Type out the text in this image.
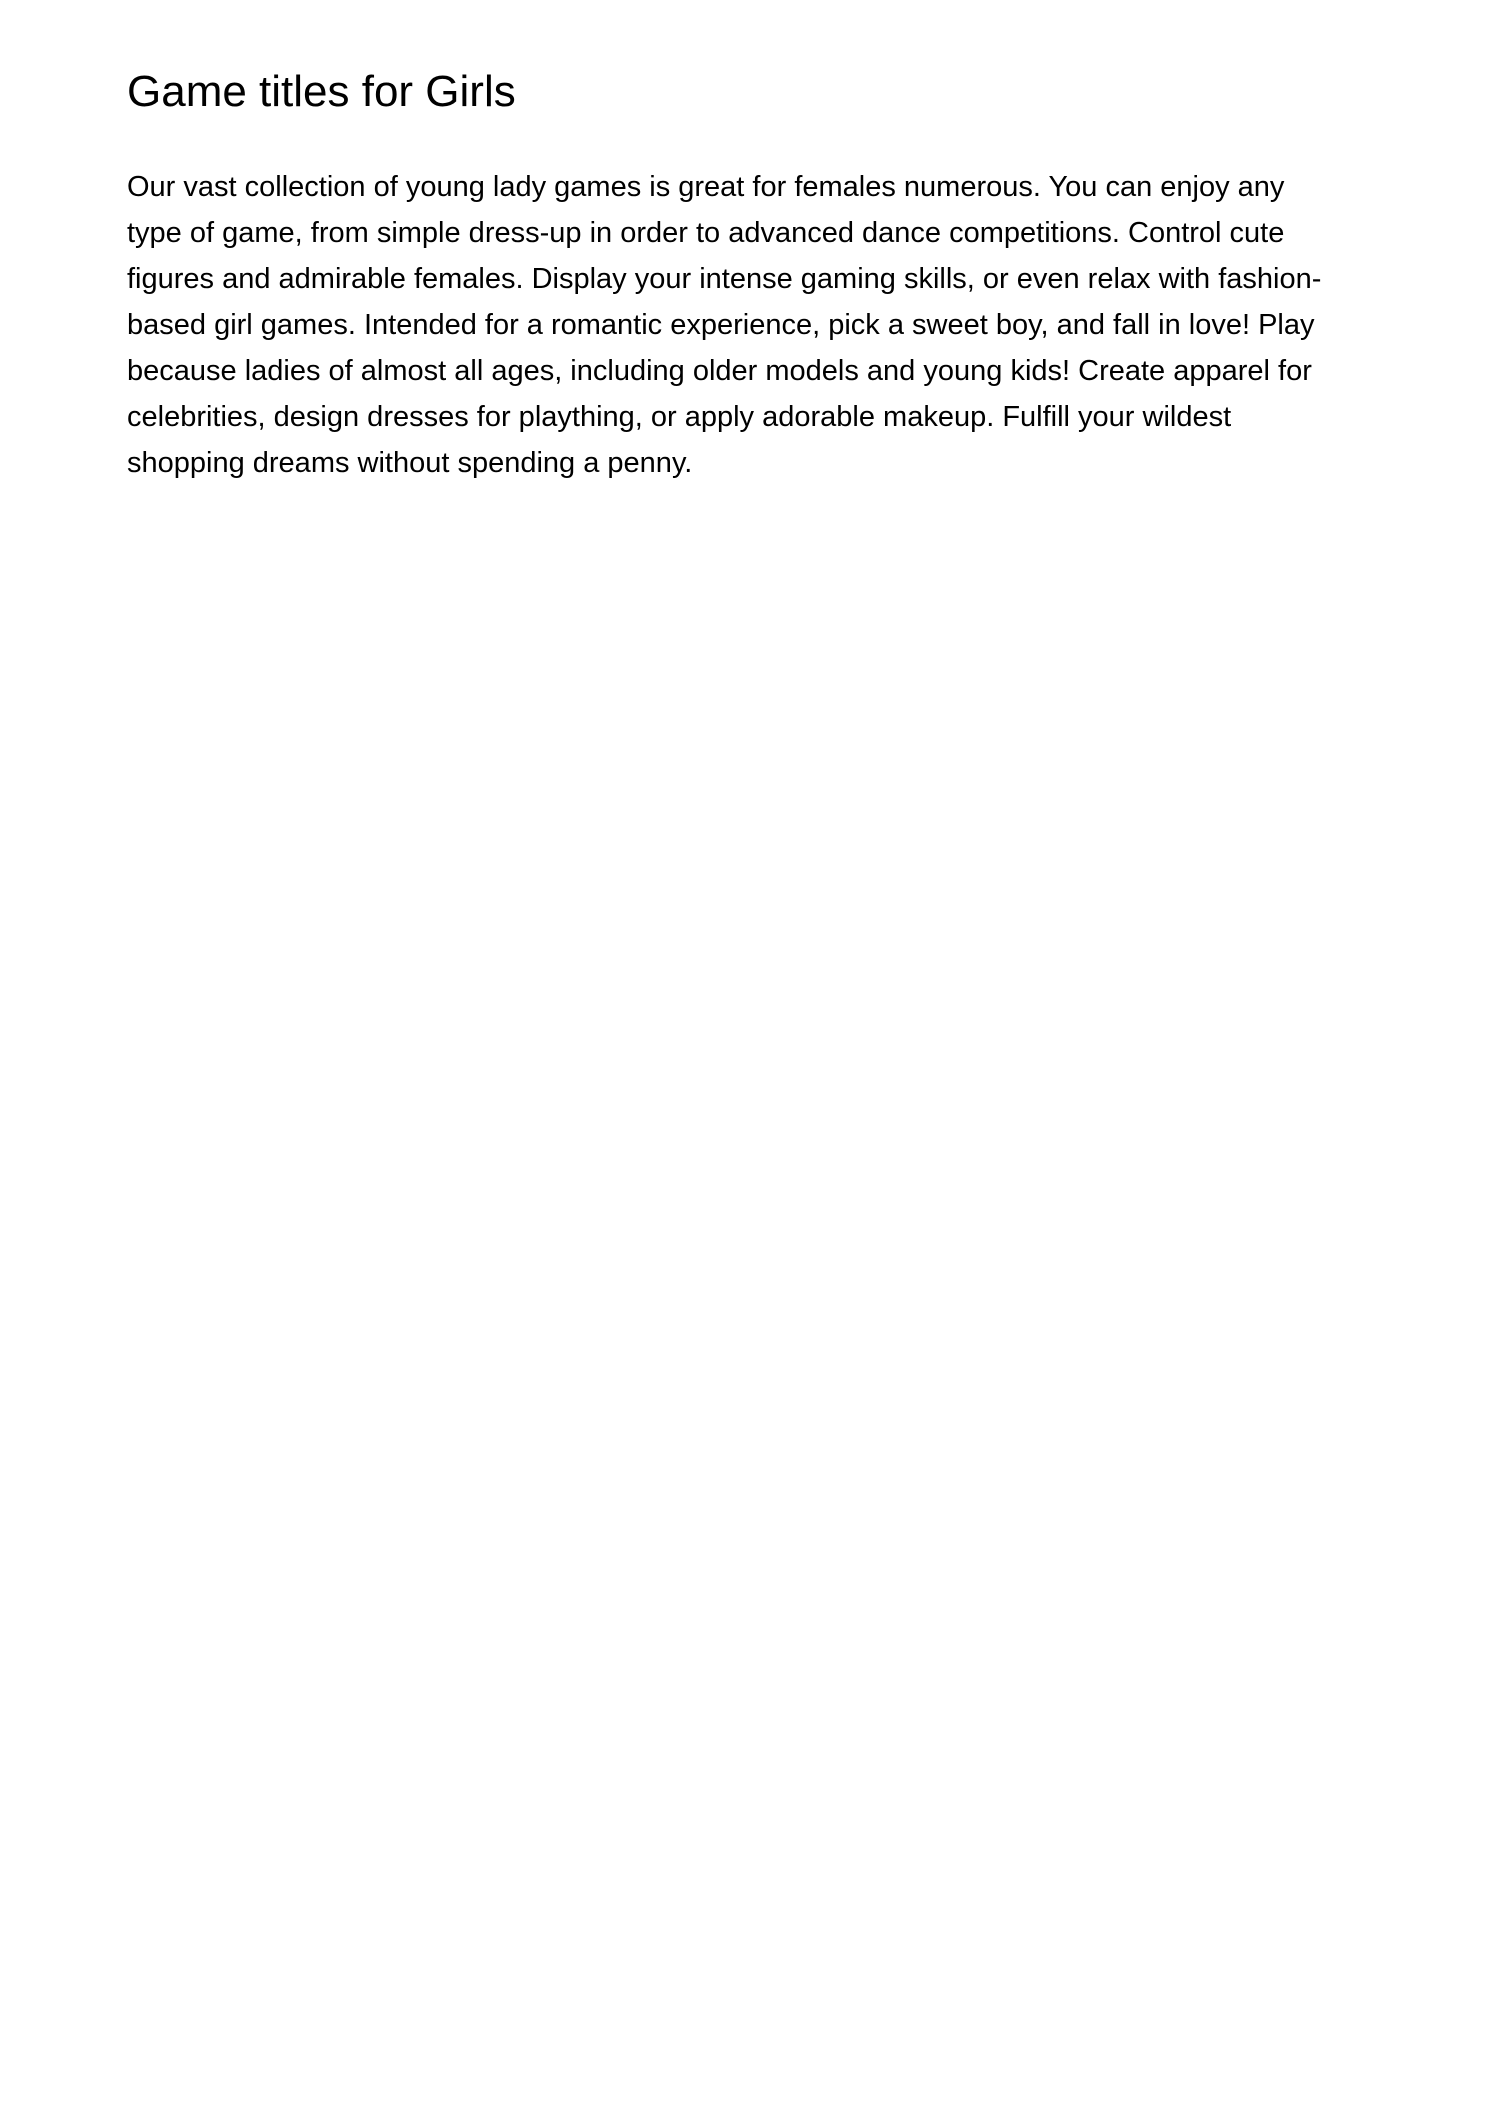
Game titles for Girls

Our vast collection of young lady games is great for females numerous. You can enjoy any
type of game, from simple dress-up in order to advanced dance competitions. Control cute
figures and admirable females. Display your intense gaming skills, or even relax with fashion-
based girl games. Intended for a romantic experience, pick a sweet boy, and fall in love! Play
because ladies of almost all ages, including older models and young kids! Create apparel for
celebrities, design dresses for plaything, or apply adorable makeup. Fulfill your wildest
shopping dreams without spending a penny.
